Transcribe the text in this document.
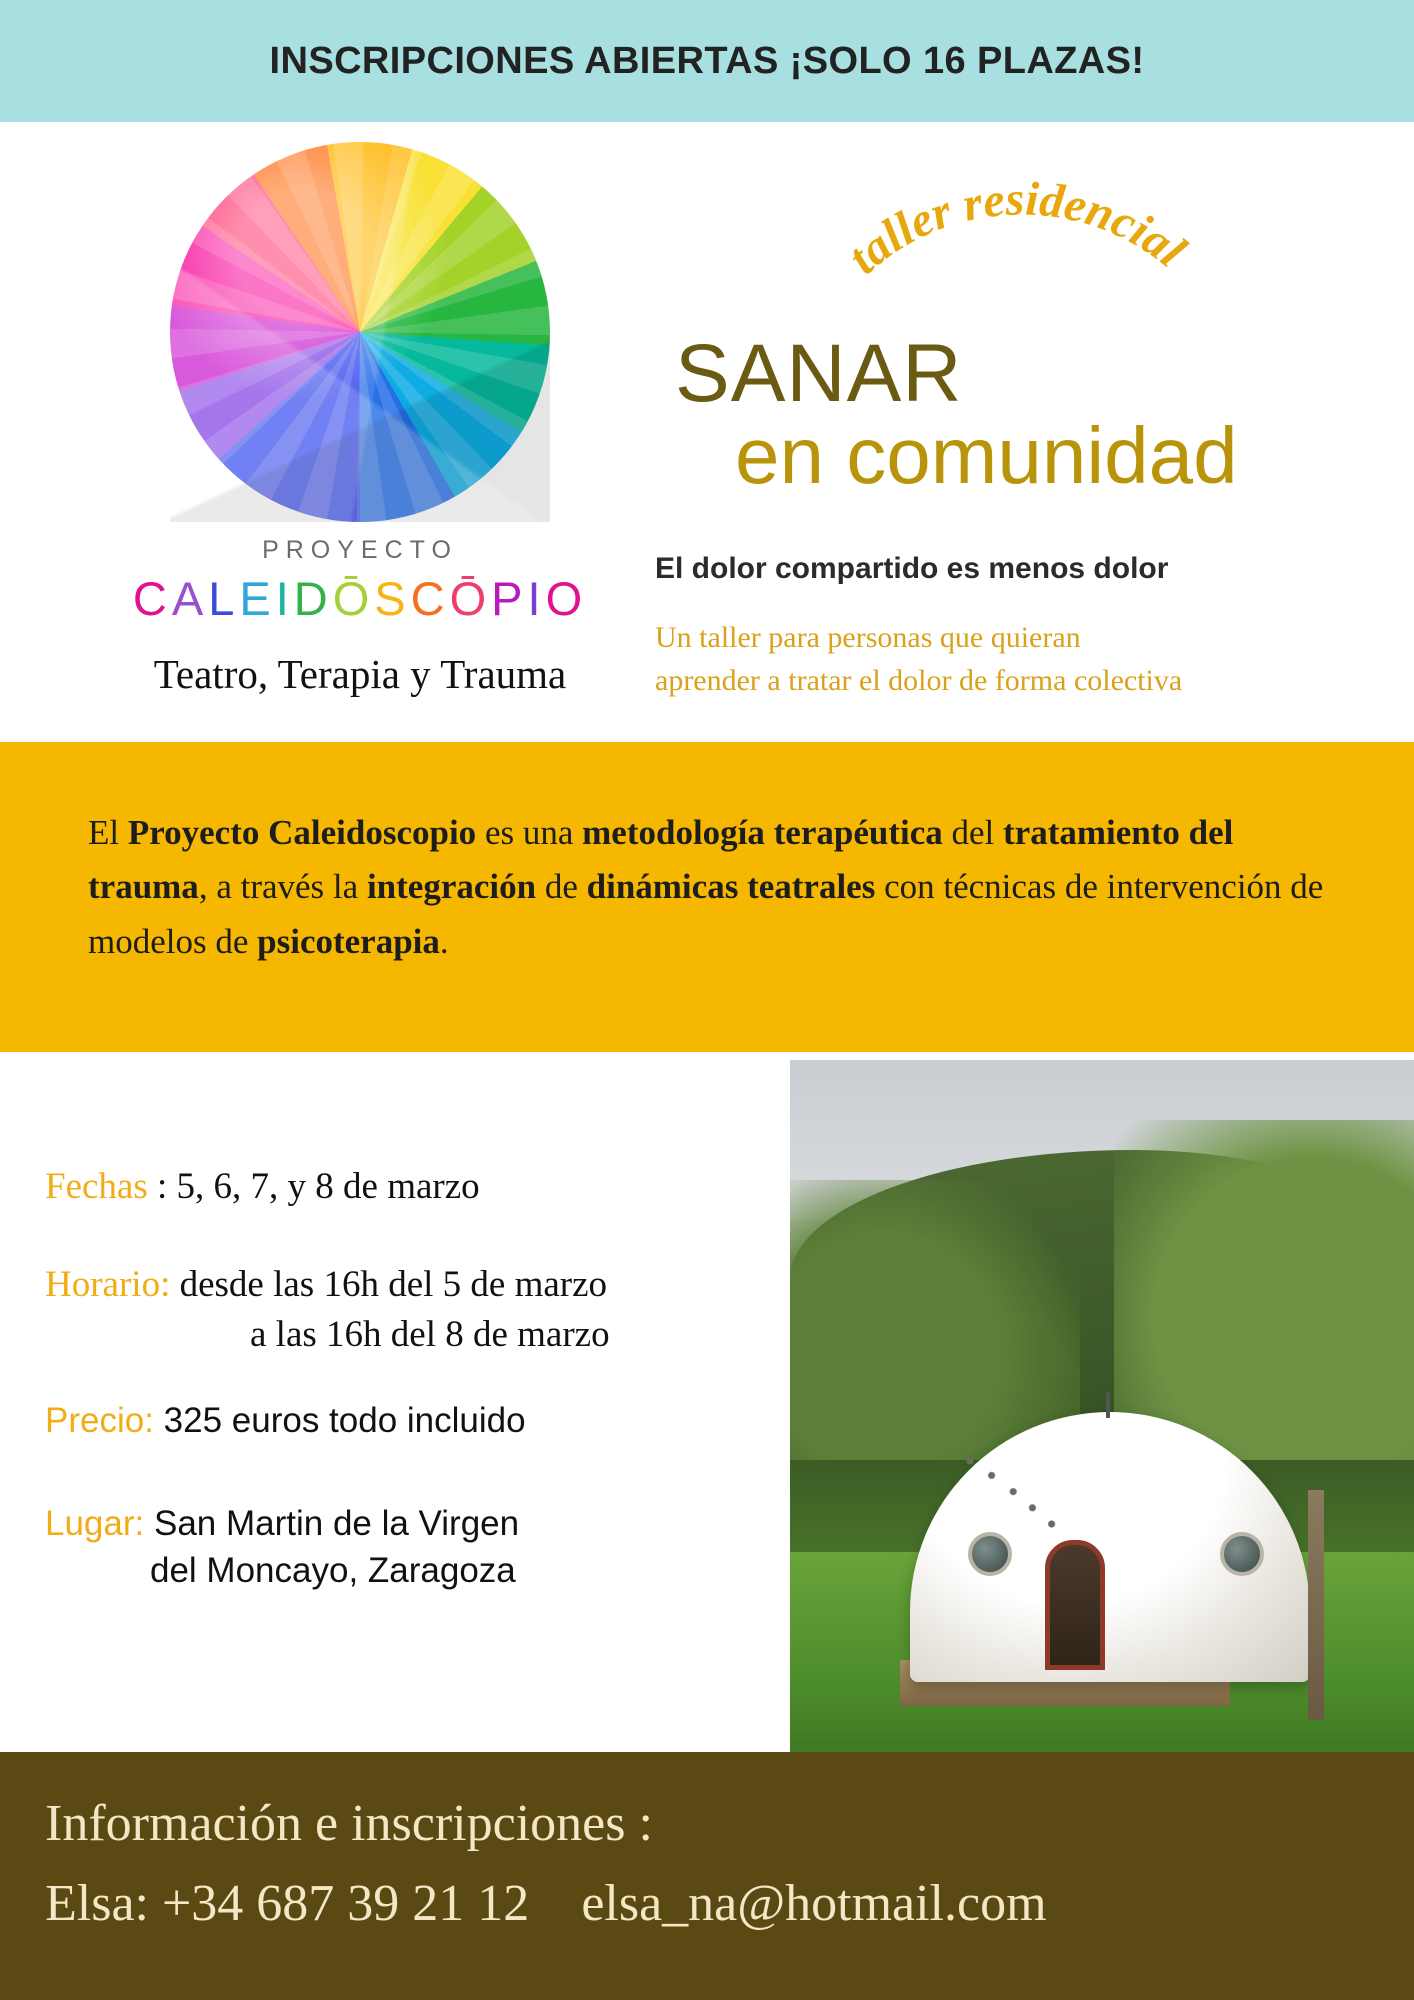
INSCRIPCIONES ABIERTAS ¡SOLO 16 PLAZAS!
PROYECTO
CALEIDŌSCŌPIO
Teatro, Terapia y Trauma
taller residencial
SANAR
en comunidad
El dolor compartido es menos dolor
Un taller para personas que quieran
aprender a tratar el dolor de forma colectiva
El Proyecto Caleidoscopio es una metodología terapéutica del tratamiento del trauma, a través la integración de dinámicas teatrales con técnicas de intervención de modelos de psicoterapia.
Fechas : 5, 6, 7, y 8 de marzo
Horario: desde las 16h del 5 de marzo
a las 16h del 8 de marzo
Precio: 325 euros todo incluido
Lugar: San Martin de la Virgen
del Moncayo, Zaragoza
Información e inscripciones :
Elsa: +34 687 39 21 12 elsa_na@hotmail.com
